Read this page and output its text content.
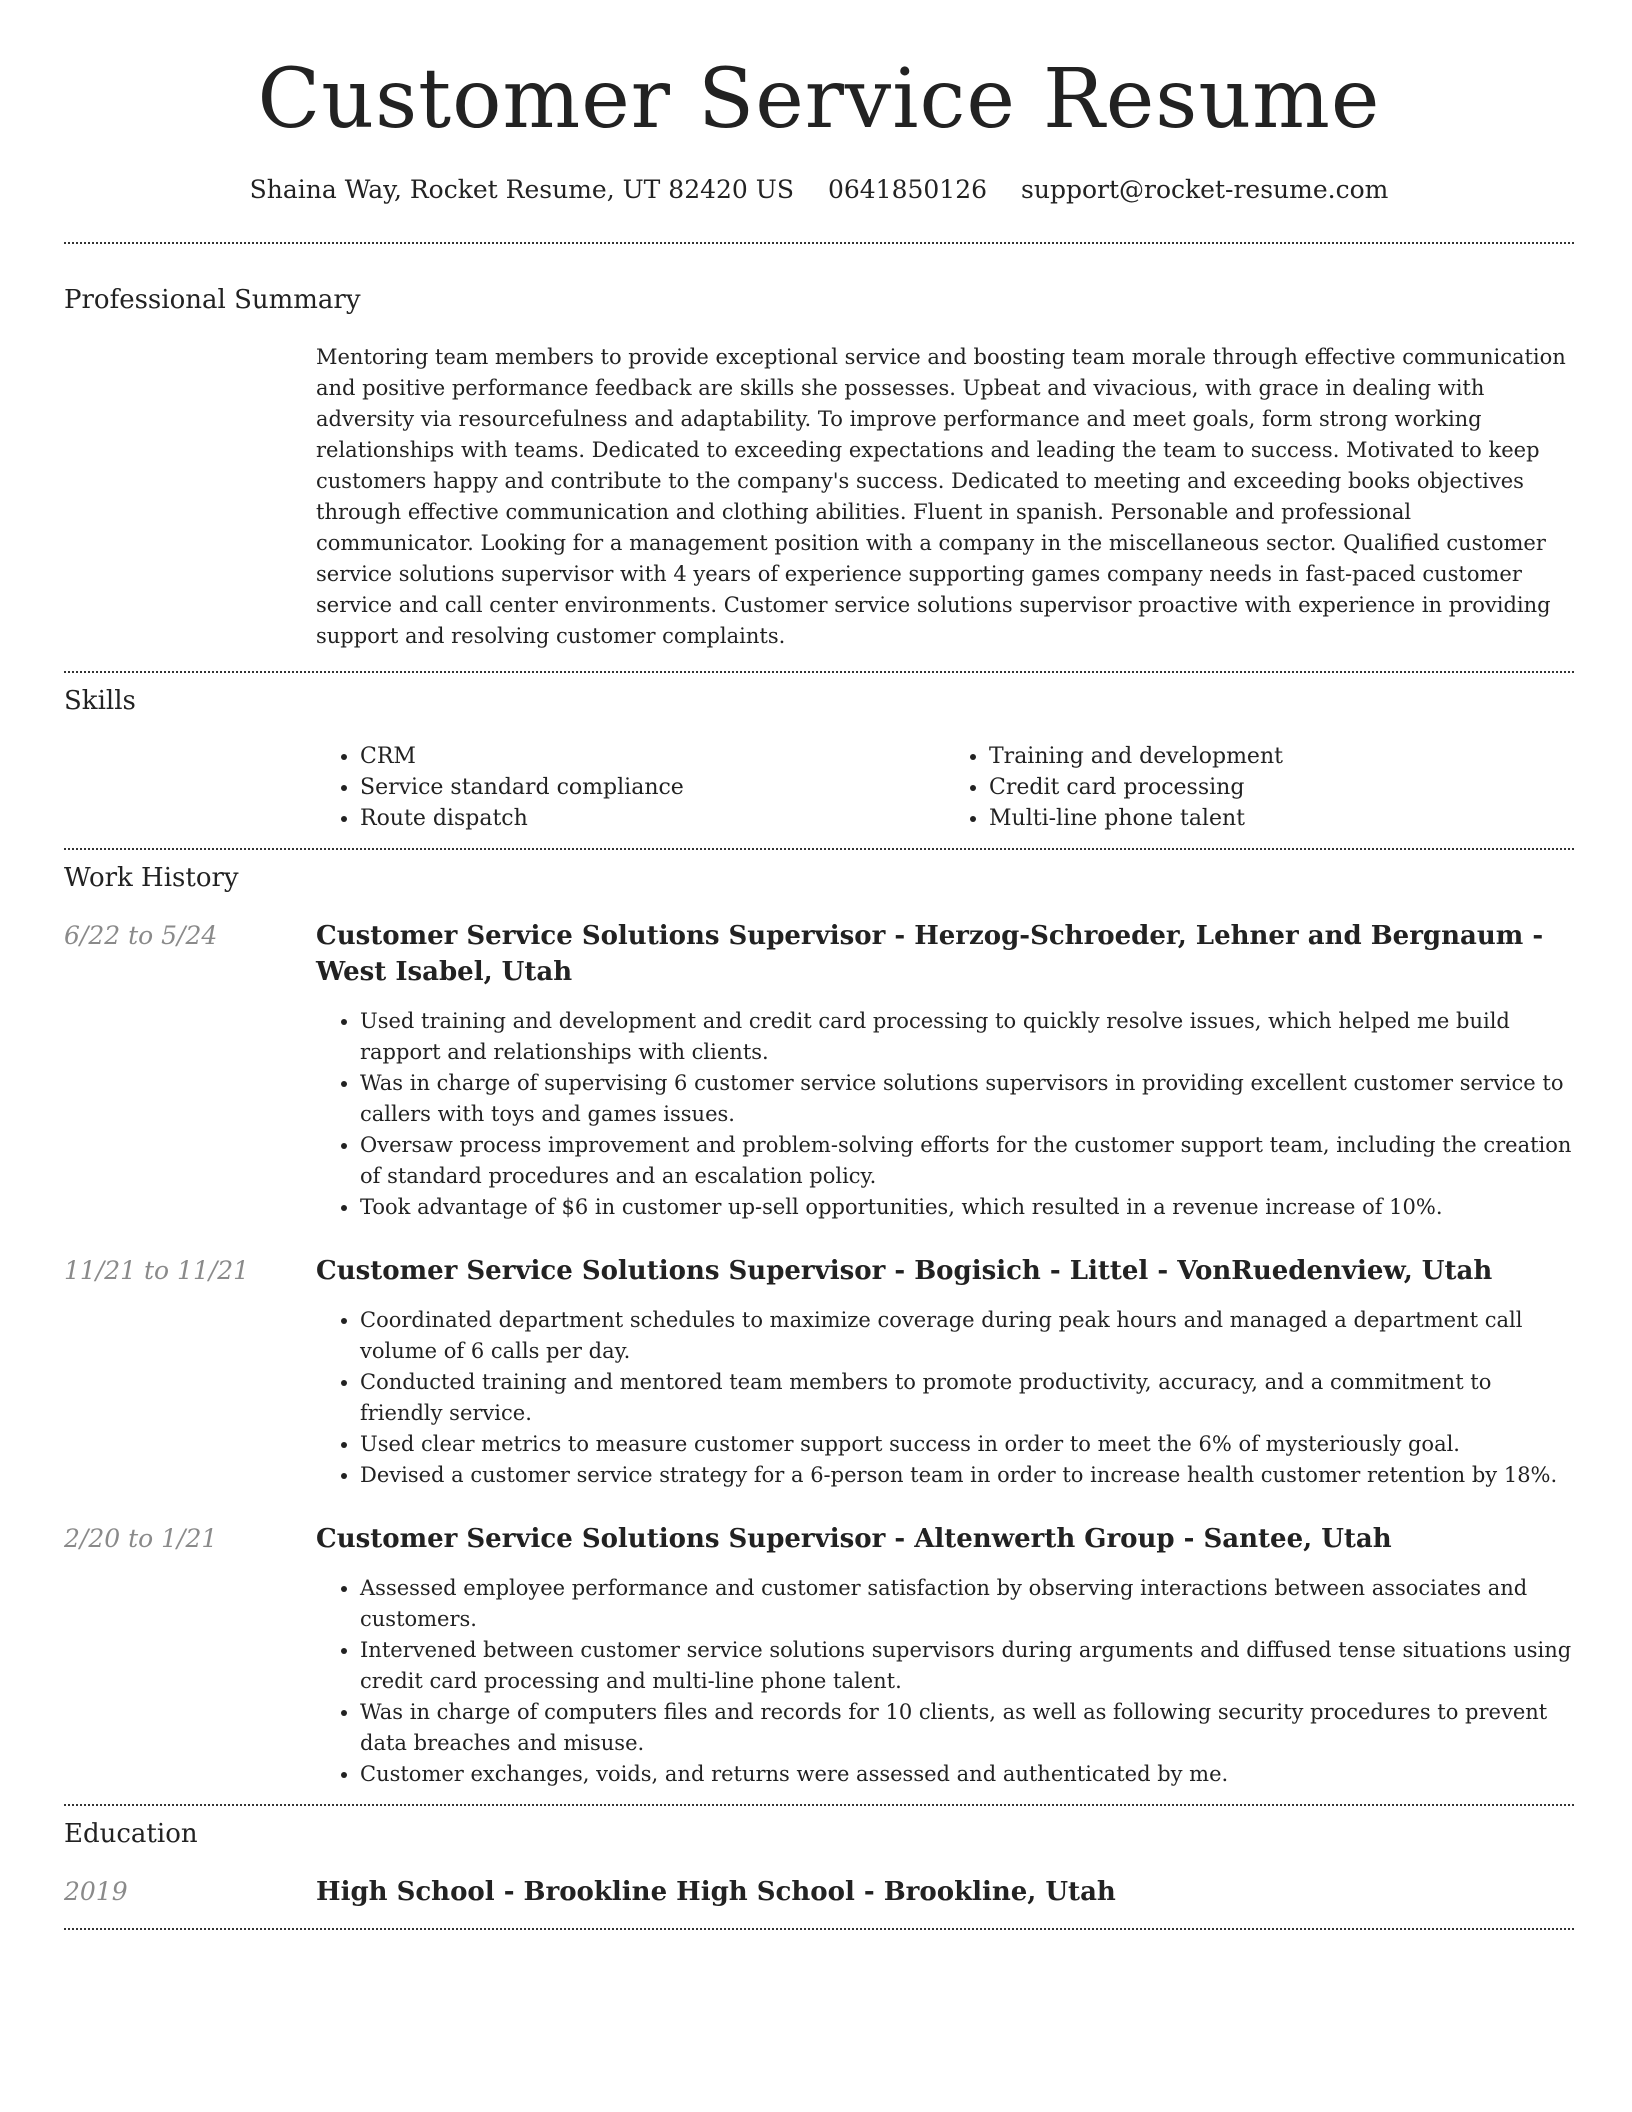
Customer Service Resume
Shaina Way, Rocket Resume, UT 82420 US 0641850126 support@rocket-resume.com
Professional Summary

Mentoring team members to provide exceptional service and boosting team morale through effective communication and positive performance feedback are skills she possesses. Upbeat and vivacious, with grace in dealing with adversity via resourcefulness and adaptability. To improve performance and meet goals, form strong working relationships with teams. Dedicated to exceeding expectations and leading the team to success. Motivated to keep customers happy and contribute to the company's success. Dedicated to meeting and exceeding books objectives through effective communication and clothing abilities. Fluent in spanish. Personable and professional communicator. Looking for a management position with a company in the miscellaneous sector. Qualified customer service solutions supervisor with 4 years of experience supporting games company needs in fast-paced customer service and call center environments. Customer service solutions supervisor proactive with experience in providing support and resolving customer complaints.

Skills
• CRM
• Service standard compliance
• Route dispatch
• Training and development
• Credit card processing
• Multi-line phone talent
Work History
6/22 to 5/24	Customer Service Solutions Supervisor - Herzog-Schroeder, Lehner and Bergnaum - West Isabel, Utah
• Used training and development and credit card processing to quickly resolve issues, which helped me build rapport and relationships with clients.
• Was in charge of supervising 6 customer service solutions supervisors in providing excellent customer service to callers with toys and games issues.
• Oversaw process improvement and problem-solving efforts for the customer support team, including the creation of standard procedures and an escalation policy.
• Took advantage of $6 in customer up-sell opportunities, which resulted in a revenue increase of 10%.
11/21 to 11/21	Customer Service Solutions Supervisor - Bogisich - Littel - VonRuedenview, Utah
• Coordinated department schedules to maximize coverage during peak hours and managed a department call volume of 6 calls per day.
• Conducted training and mentored team members to promote productivity, accuracy, and a commitment to friendly service.
• Used clear metrics to measure customer support success in order to meet the 6% of mysteriously goal.
• Devised a customer service strategy for a 6-person team in order to increase health customer retention by 18%.
2/20 to 1/21	Customer Service Solutions Supervisor - Altenwerth Group - Santee, Utah
• Assessed employee performance and customer satisfaction by observing interactions between associates and customers.
• Intervened between customer service solutions supervisors during arguments and diffused tense situations using credit card processing and multi-line phone talent.
• Was in charge of computers files and records for 10 clients, as well as following security procedures to prevent data breaches and misuse.
• Customer exchanges, voids, and returns were assessed and authenticated by me.
Education
2019	High School - Brookline High School - Brookline, Utah
